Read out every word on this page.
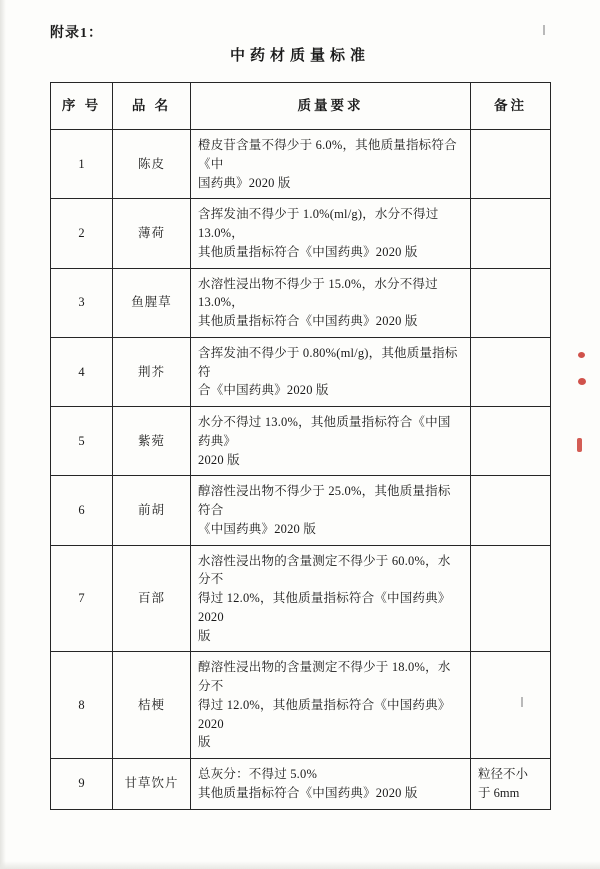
附录1：
中药材质量标准
序 号	品 名	质量要求	备注
1	陈皮	橙皮苷含量不得少于 6.0%，其他质量指标符合《中
国药典》2020 版	

2	薄荷	含挥发油不得少于 1.0%(ml/g)，水分不得过 13.0%，
其他质量指标符合《中国药典》2020 版	

3	鱼腥草	水溶性浸出物不得少于 15.0%，水分不得过 13.0%，
其他质量指标符合《中国药典》2020 版	

4	荆芥	含挥发油不得少于 0.80%(ml/g)，其他质量指标符
合《中国药典》2020 版	

5	紫菀	水分不得过 13.0%，其他质量指标符合《中国药典》
2020 版	

6	前胡	醇溶性浸出物不得少于 25.0%，其他质量指标符合
《中国药典》2020 版	

7	百部	水溶性浸出物的含量测定不得少于 60.0%，水分不
得过 12.0%，其他质量指标符合《中国药典》2020
版	

8	桔梗	醇溶性浸出物的含量测定不得少于 18.0%，水分不
得过 12.0%，其他质量指标符合《中国药典》2020
版	

9	甘草饮片	总灰分：不得过 5.0%
其他质量指标符合《中国药典》2020 版	粒径不小
于 6mm
